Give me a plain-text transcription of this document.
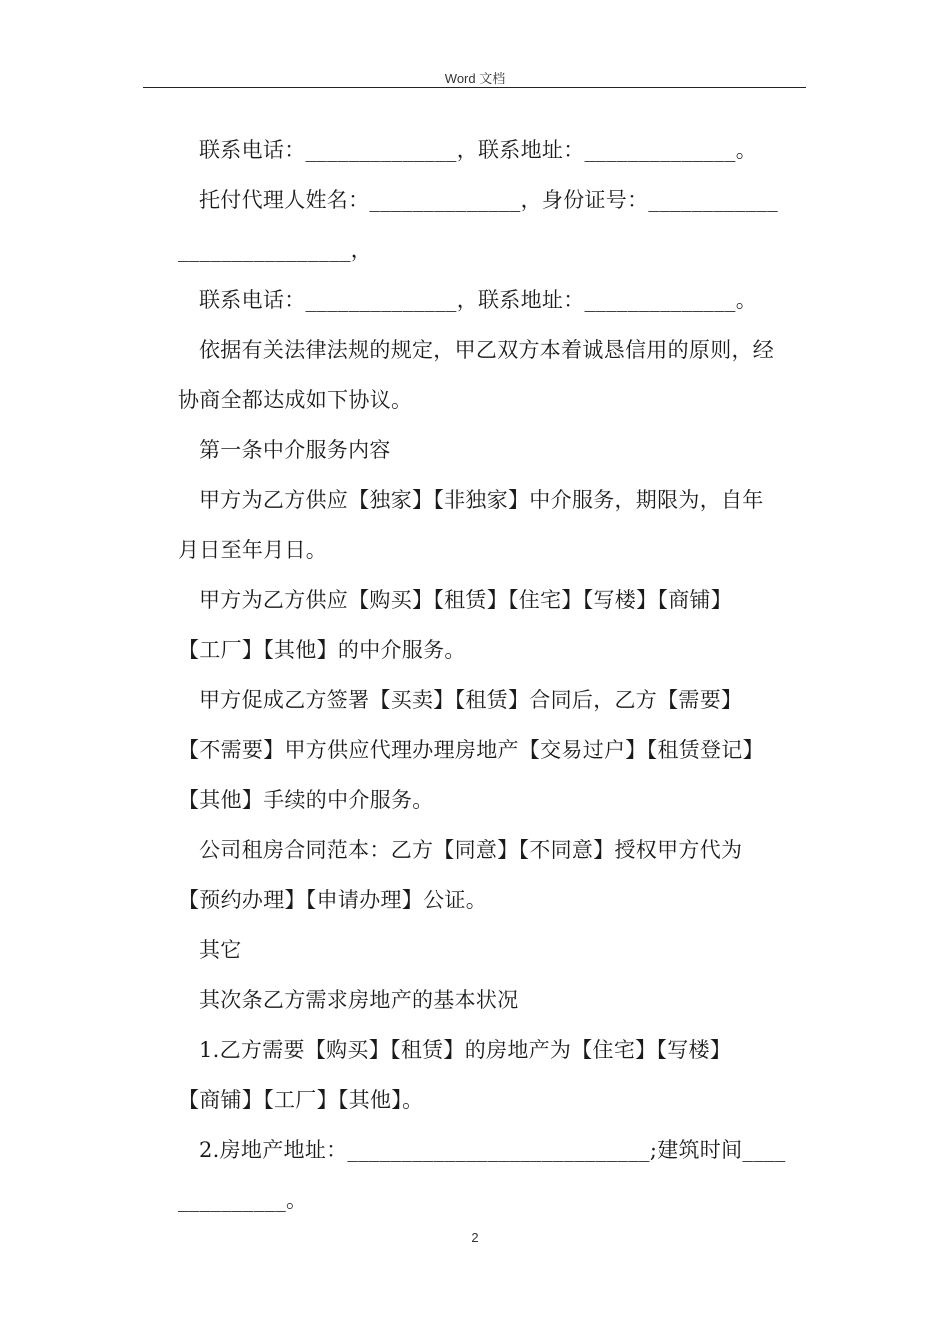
Word 文档
联系电话：______________，联系地址：______________。
托付代理人姓名：______________，身份证号：____________
________________，
联系电话：______________，联系地址：______________。
依据有关法律法规的规定，甲乙双方本着诚恳信用的原则，经
协商全都达成如下协议。
第一条中介服务内容
甲方为乙方供应【独家】【非独家】中介服务，期限为，自年
月日至年月日。
甲方为乙方供应【购买】【租赁】【住宅】【写楼】【商铺】
【工厂】【其他】的中介服务。
甲方促成乙方签署【买卖】【租赁】合同后，乙方【需要】
【不需要】甲方供应代理办理房地产【交易过户】【租赁登记】
【其他】手续的中介服务。
公司租房合同范本：乙方【同意】【不同意】授权甲方代为
【预约办理】【申请办理】公证。
其它
其次条乙方需求房地产的基本状况
1.乙方需要【购买】【租赁】的房地产为【住宅】【写楼】
【商铺】【工厂】【其他】。
2.房地产地址：____________________________;建筑时间____
__________。
2
